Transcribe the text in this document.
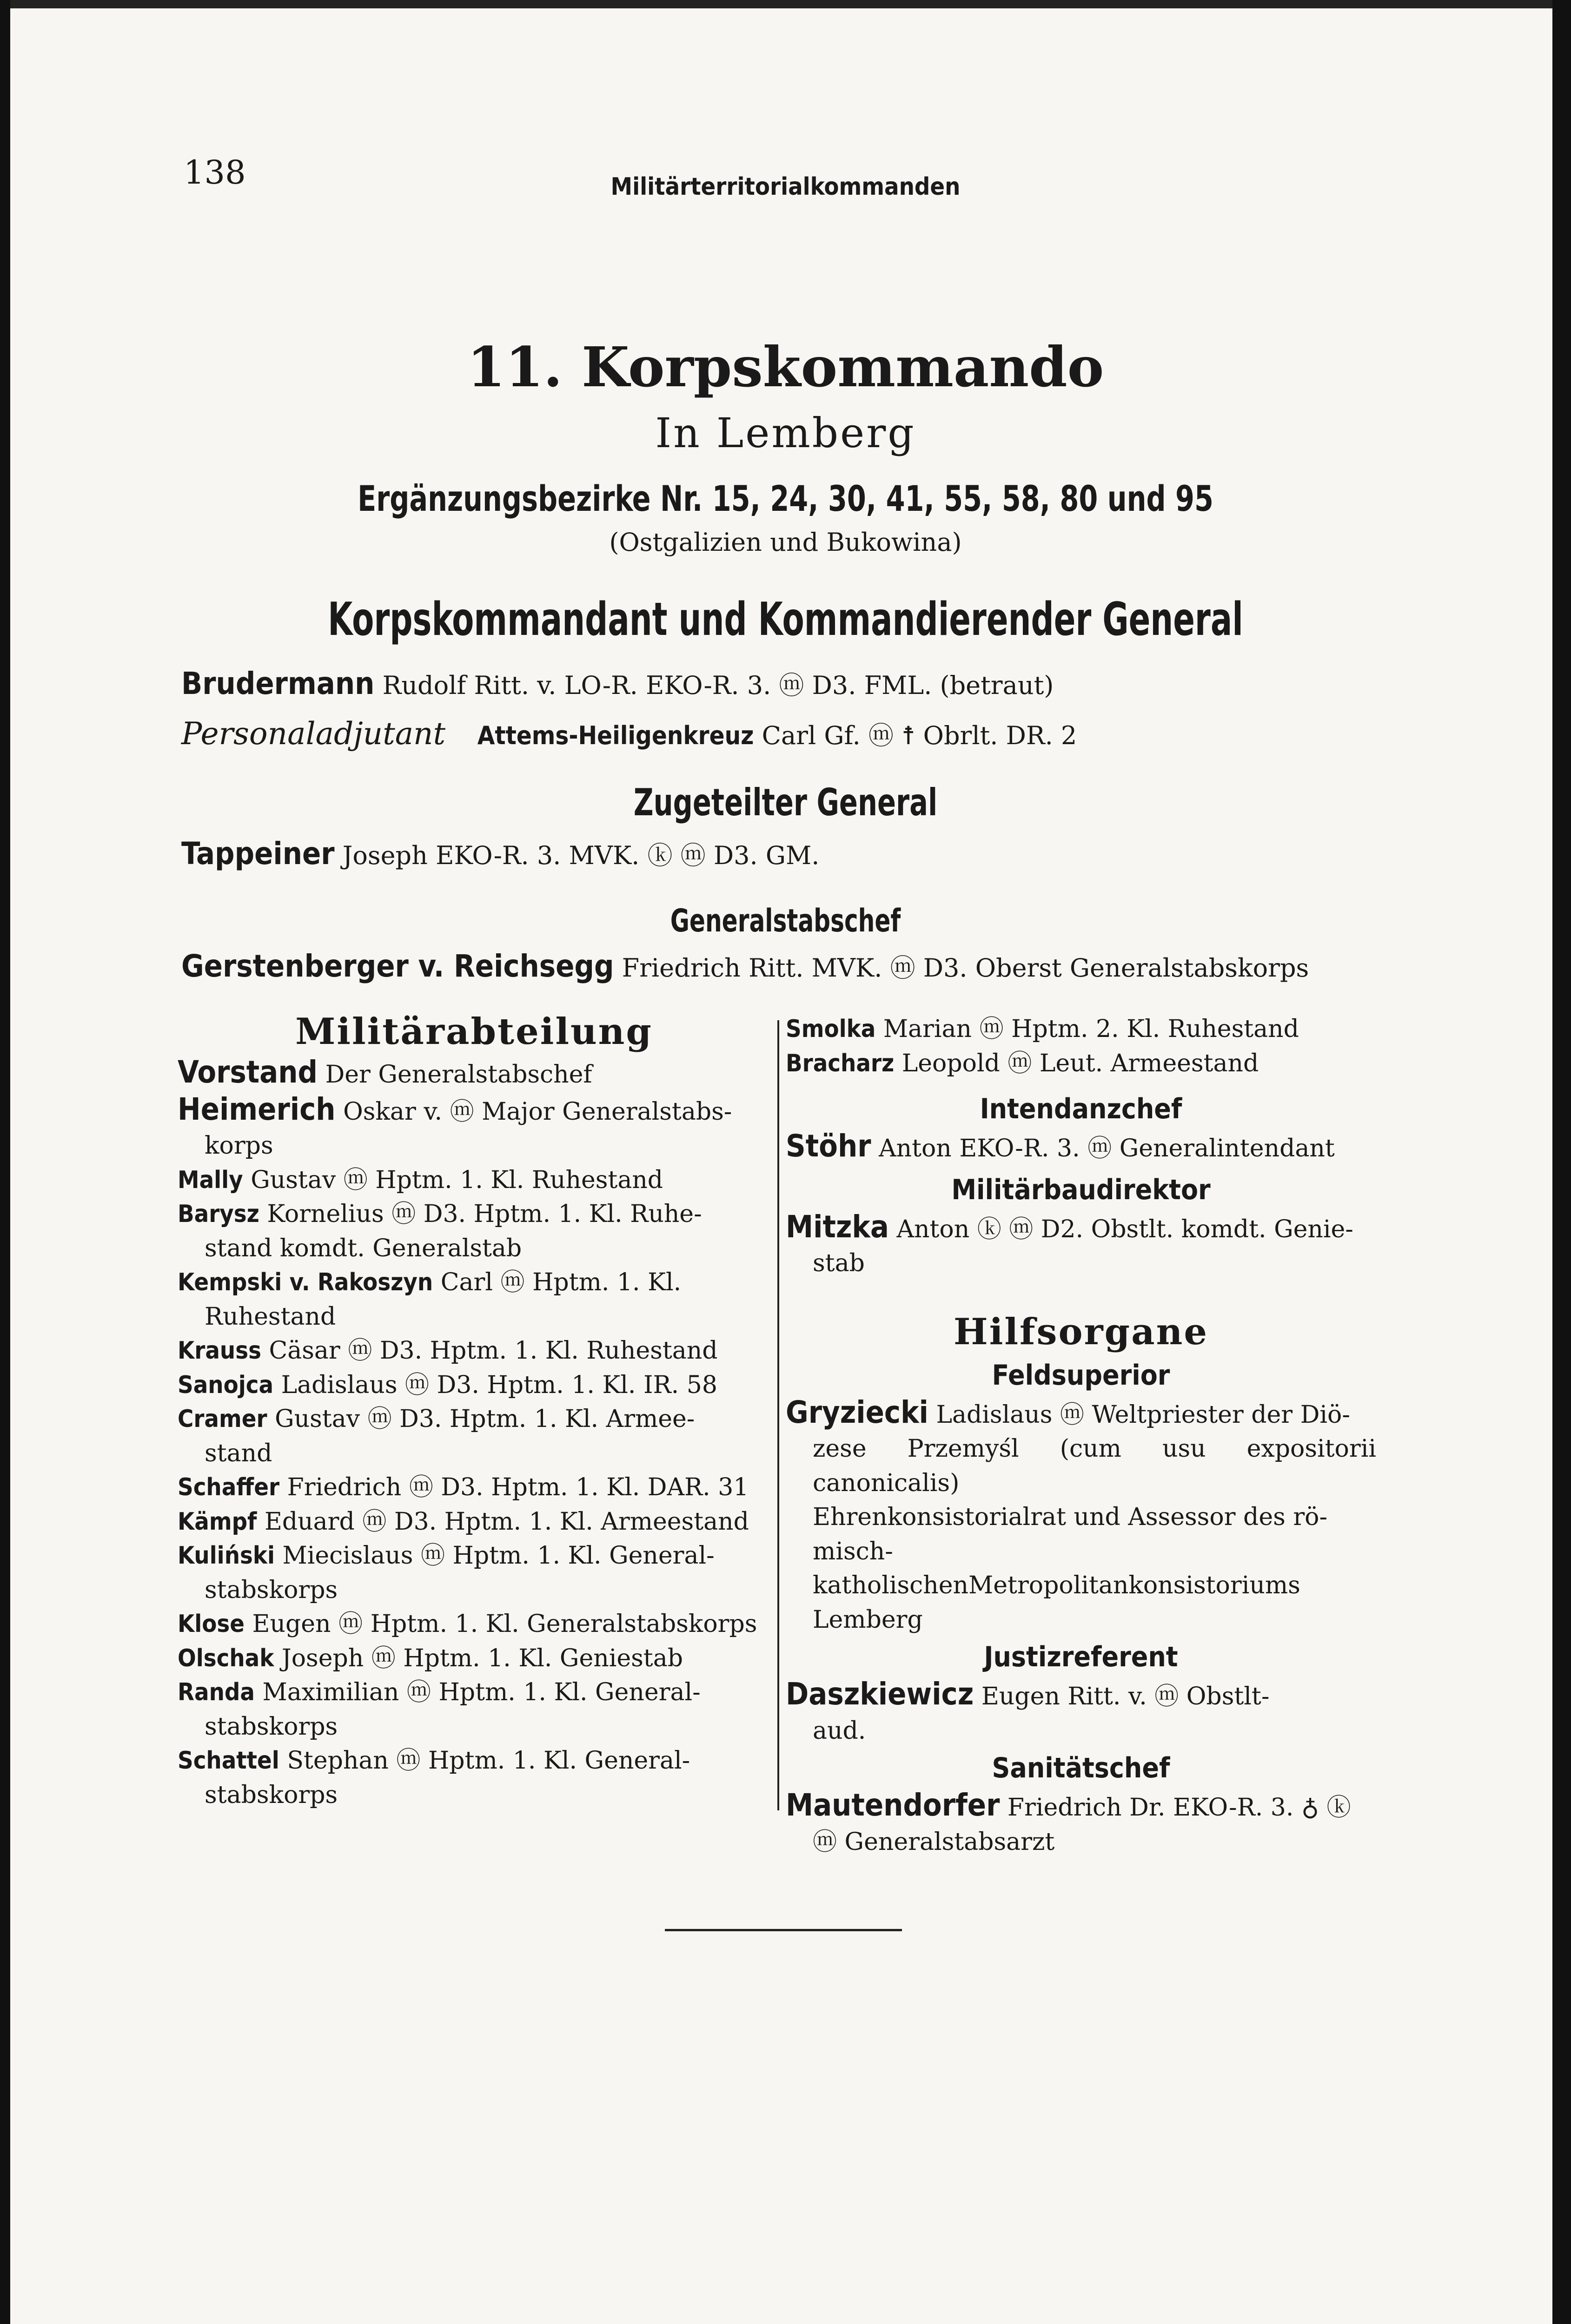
138	Militärterritorialkommanden
11. Korpskommando
In Lemberg
Ergänzungsbezirke Nr. 15, 24, 30, 41, 55, 58, 80 und 95
(Ostgalizien und Bukowina)
Korpskommandant und Kommandierender General
Brudermann Rudolf Ritt. v. LO-R. EKO-R. 3. ⓜ D3. FML. (betraut)
Personaladjutant Attems-Heiligenkreuz Carl Gf. ⓜ ☨ Obrlt. DR. 2
Zugeteilter General
Tappeiner Joseph EKO-R. 3. MVK. ⓚ ⓜ D3. GM.
Generalstabschef
Gerstenberger v. Reichsegg Friedrich Ritt. MVK. ⓜ D3. Oberst Generalstabskorps
Militärabteilung
Vorstand Der Generalstabschef
Heimerich Oskar v. ⓜ Major Generalstabs-
korps
Mally Gustav ⓜ Hptm. 1. Kl. Ruhestand
Barysz Kornelius ⓜ D3. Hptm. 1. Kl. Ruhe-
stand komdt. Generalstab
Kempski v. Rakoszyn Carl ⓜ Hptm. 1. Kl.
Ruhestand
Krauss Cäsar ⓜ D3. Hptm. 1. Kl. Ruhestand
Sanojca Ladislaus ⓜ D3. Hptm. 1. Kl. IR. 58
Cramer Gustav ⓜ D3. Hptm. 1. Kl. Armee-
stand
Schaffer Friedrich ⓜ D3. Hptm. 1. Kl. DAR. 31
Kämpf Eduard ⓜ D3. Hptm. 1. Kl. Armeestand
Kuliński Miecislaus ⓜ Hptm. 1. Kl. General-
stabskorps
Klose Eugen ⓜ Hptm. 1. Kl. Generalstabskorps
Olschak Joseph ⓜ Hptm. 1. Kl. Geniestab
Randa Maximilian ⓜ Hptm. 1. Kl. General-
stabskorps
Schattel Stephan ⓜ Hptm. 1. Kl. General-
stabskorps
Smolka Marian ⓜ Hptm. 2. Kl. Ruhestand
Bracharz Leopold ⓜ Leut. Armeestand
Intendanzchef
Stöhr Anton EKO-R. 3. ⓜ Generalintendant
Militärbaudirektor
Mitzka Anton ⓚ ⓜ D2. Obstlt. komdt. Genie-
stab
Hilfsorgane
Feldsuperior
Gryziecki Ladislaus ⓜ Weltpriester der Diö-
zese Przemyśl (cum usu expositorii canonicalis)
Ehrenkonsistorialrat und Assessor des rö-
misch-katholischenMetropolitankonsistoriums
Lemberg
Justizreferent
Daszkiewicz Eugen Ritt. v. ⓜ Obstlt-
aud.
Sanitätschef
Mautendorfer Friedrich Dr. EKO-R. 3. ♁ ⓚ
ⓜ Generalstabsarzt
